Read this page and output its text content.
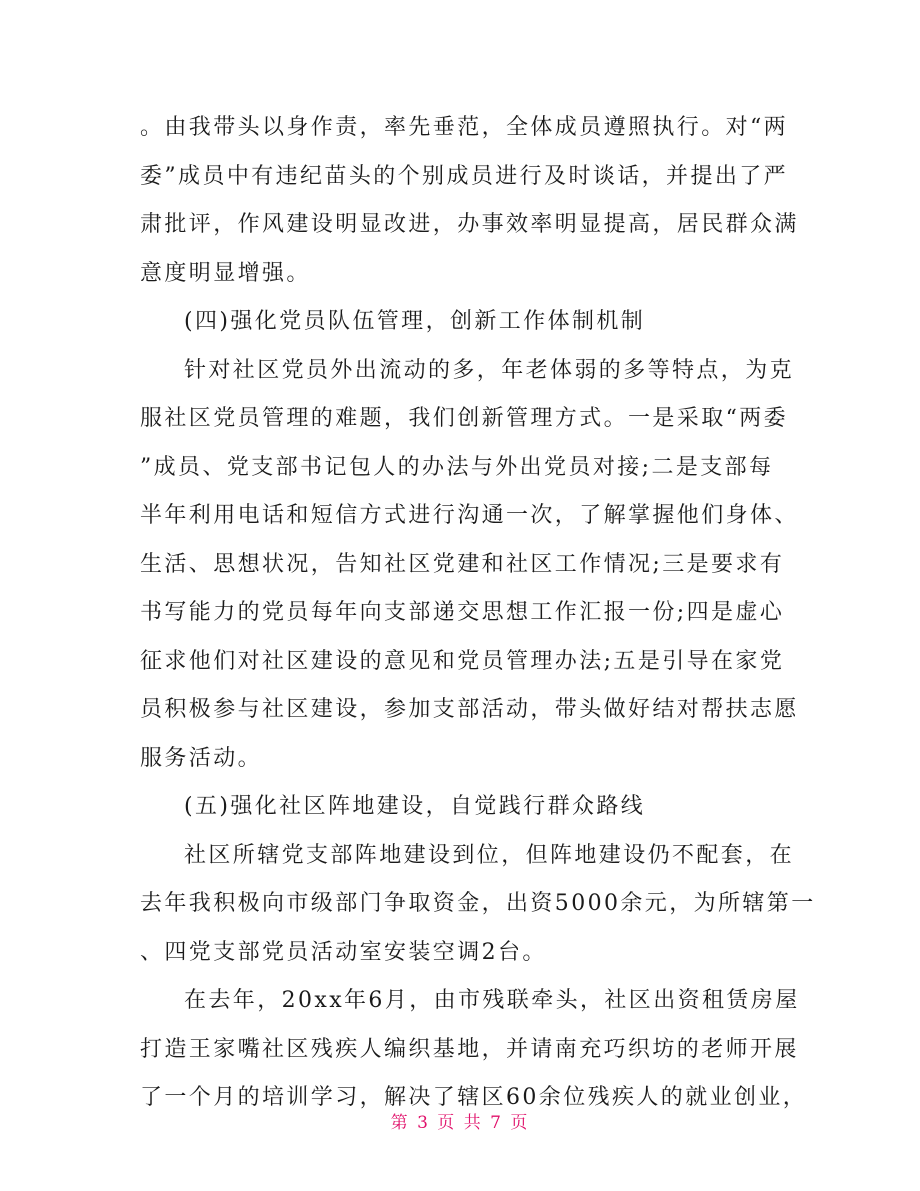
。由我带头以身作责，率先垂范，全体成员遵照执行。对“两
委”成员中有违纪苗头的个别成员进行及时谈话，并提出了严
肃批评，作风建设明显改进，办事效率明显提高，居民群众满
意度明显增强。
(四)强化党员队伍管理，创新工作体制机制
针对社区党员外出流动的多，年老体弱的多等特点，为克
服社区党员管理的难题，我们创新管理方式。一是采取“两委
”成员、党支部书记包人的办法与外出党员对接;二是支部每
半年利用电话和短信方式进行沟通一次，了解掌握他们身体、
生活、思想状况，告知社区党建和社区工作情况;三是要求有
书写能力的党员每年向支部递交思想工作汇报一份;四是虚心
征求他们对社区建设的意见和党员管理办法;五是引导在家党
员积极参与社区建设，参加支部活动，带头做好结对帮扶志愿
服务活动。
(五)强化社区阵地建设，自觉践行群众路线
社区所辖党支部阵地建设到位，但阵地建设仍不配套，在
去年我积极向市级部门争取资金，出资5000余元，为所辖第一
、四党支部党员活动室安装空调2台。
在去年，20xx年6月，由市残联牵头，社区出资租赁房屋
打造王家嘴社区残疾人编织基地，并请南充巧织坊的老师开展
了一个月的培训学习，解决了辖区60余位残疾人的就业创业，
第 3 页 共 7 页
